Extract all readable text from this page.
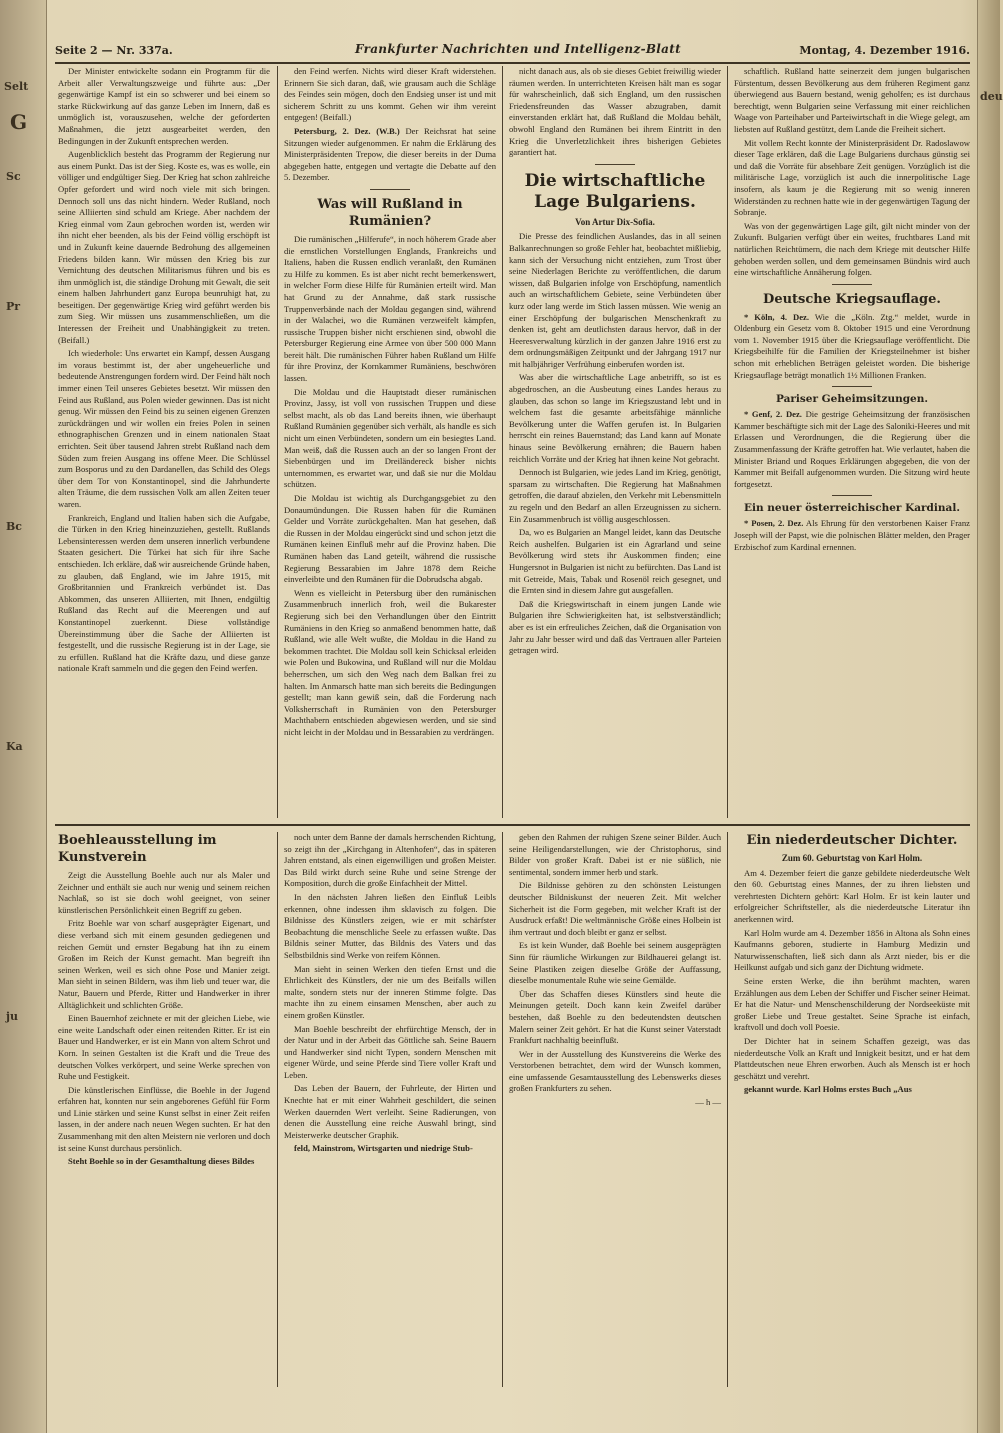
Selt
G
Sc
Pr
Bc
Ka
ju
deu
Seite 2 — Nr. 337a.	Frankfurter Nachrichten und Intelligenz-Blatt	Montag, 4. Dezember 1916.

Der Minister entwickelte sodann ein Programm für die Arbeit aller Verwaltungszweige und führte aus: „Der gegenwärtige Kampf ist ein so schwerer und bei einem so starke Rückwirkung auf das ganze Leben im Innern, daß es unmöglich ist, vorauszusehen, welche der geforderten Maßnahmen, die jetzt ausgearbeitet werden, den Bedingungen in der Zukunft entsprechen werden.

Augenblicklich besteht das Programm der Regierung nur aus einem Punkt. Das ist der Sieg. Koste es, was es wolle, ein völliger und endgültiger Sieg. Der Krieg hat schon zahlreiche Opfer gefordert und wird noch viele mit sich bringen. Dennoch soll uns das nicht hindern. Weder Rußland, noch seine Alliierten sind schuld am Kriege. Aber nachdem der Krieg einmal vom Zaun gebrochen worden ist, werden wir ihn nicht eher beenden, als bis der Feind völlig erschöpft ist und in Zukunft keine dauernde Bedrohung des allgemeinen Friedens bilden kann. Wir müssen den Krieg bis zur Vernichtung des deutschen Militarismus führen und bis es ihm unmöglich ist, die ständige Drohung mit Gewalt, die seit einem halben Jahrhundert ganz Europa beunruhigt hat, zu beseitigen. Der gegenwärtige Krieg wird geführt werden bis zum Sieg. Wir müssen uns zusammenschließen, um die Interessen der Freiheit und Unabhängigkeit zu treten. (Beifall.)

Ich wiederhole: Uns erwartet ein Kampf, dessen Ausgang im voraus bestimmt ist, der aber ungeheuerliche und bedeutende Anstrengungen fordern wird. Der Feind hält noch immer einen Teil unseres Gebietes besetzt. Wir müssen den Feind aus Rußland, aus Polen wieder gewinnen. Das ist nicht genug. Wir müssen den Feind bis zu seinen eigenen Grenzen zurückdrängen und wir wollen ein freies Polen in seinen ethnographischen Grenzen und in einem nationalen Staat errichten. Seit über tausend Jahren strebt Rußland nach dem Süden zum freien Ausgang ins offene Meer. Die Schlüssel zum Bosporus und zu den Dardanellen, das Schild des Olegs über dem Tor von Konstantinopel, sind die Jahrhunderte alten Träume, die dem russischen Volk am allen Zeiten teuer waren.

Frankreich, England und Italien haben sich die Aufgabe, die Türken in den Krieg hineinzuziehen, gestellt. Rußlands Lebensinteressen werden dem unseren innerlich verbundene Staaten gesichert. Die Türkei hat sich für ihre Sache entschieden. Ich erkläre, daß wir ausreichende Gründe haben, zu glauben, daß England, wie im Jahre 1915, mit Großbritannien und Frankreich verbündet ist. Das Abkommen, das unseren Alliierten, mit Ihnen, endgültig Rußland das Recht auf die Meerengen und auf Konstantinopel zuerkennt. Diese vollständige Übereinstimmung über die Sache der Alliierten ist festgestellt, und die russische Regierung ist in der Lage, sie zu erfüllen. Rußland hat die Kräfte dazu, und diese ganze nationale Kraft sammeln und die gegen den Feind werfen.

den Feind werfen. Nichts wird dieser Kraft widerstehen. Erinnern Sie sich daran, daß, wie grausam auch die Schläge des Feindes sein mögen, doch den Endsieg unser ist und mit sicherem Schritt zu uns kommt. Gehen wir ihm vereint entgegen! (Beifall.)

Petersburg, 2. Dez. (W.B.) Der Reichsrat hat seine Sitzungen wieder aufgenommen. Er nahm die Erklärung des Ministerpräsidenten Trepow, die dieser bereits in der Duma abgegeben hatte, entgegen und vertagte die Debatte auf den 5. Dezember.

Was will Rußland in Rumänien?

Die rumänischen „Hilferufe“, in noch höherem Grade aber die ernstlichen Vorstellungen Englands, Frankreichs und Italiens, haben die Russen endlich veranlaßt, den Rumänen zu Hilfe zu kommen. Es ist aber nicht recht bemerkenswert, in welcher Form diese Hilfe für Rumänien erteilt wird. Man hat Grund zu der Annahme, daß stark russische Truppenverbände nach der Moldau gegangen sind, während in der Walachei, wo die Rumänen verzweifelt kämpfen, russische Truppen bisher nicht erschienen sind, obwohl die Petersburger Regierung eine Armee von über 500 000 Mann bereit hält. Die rumänischen Führer haben Rußland um Hilfe für ihre Provinz, der Kornkammer Rumäniens, beschwören lassen.

Die Moldau und die Hauptstadt dieser rumänischen Provinz, Jassy, ist voll von russischen Truppen und diese selbst macht, als ob das Land bereits ihnen, wie überhaupt Rußland Rumänien gegenüber sich verhält, als handle es sich nicht um einen Verbündeten, sondern um ein besiegtes Land. Man weiß, daß die Russen auch an der so langen Front der Siebenbürgen und im Dreiländereck bisher nichts unternommen, es erwartet war, und daß sie nur die Moldau schützen.

Die Moldau ist wichtig als Durchgangsgebiet zu den Donaumündungen. Die Russen haben für die Rumänen Gelder und Vorräte zurückgehalten. Man hat gesehen, daß die Russen in der Moldau eingerückt sind und schon jetzt die Rumänen keinen Einfluß mehr auf die Provinz haben. Die Rumänen haben das Land geteilt, während die russische Regierung Bessarabien im Jahre 1878 dem Reiche einverleibte und den Rumänen für die Dobrudscha abgab.

Wenn es vielleicht in Petersburg über den rumänischen Zusammenbruch innerlich froh, weil die Bukarester Regierung sich bei den Verhandlungen über den Eintritt Rumäniens in den Krieg so anmaßend benommen hatte, daß Rußland, wie alle Welt wußte, die Moldau in die Hand zu bekommen trachtet. Die Moldau soll kein Schicksal erleiden wie Polen und Bukowina, und Rußland will nur die Moldau beherrschen, um sich den Weg nach dem Balkan frei zu halten. Im Anmarsch hatte man sich bereits die Bedingungen gestellt; man kann gewiß sein, daß die Forderung nach Volksherrschaft in Rumänien von den Petersburger Machthabern entschieden abgewiesen werden, und sie sind nicht leicht in der Moldau und in Bessarabien zu verdrängen.

nicht danach aus, als ob sie dieses Gebiet freiwillig wieder räumen werden. In unterrichteten Kreisen hält man es sogar für wahrscheinlich, daß sich England, um den russischen Friedensfreunden das Wasser abzugraben, damit einverstanden erklärt hat, daß Rußland die Moldau behält, obwohl England den Rumänen bei ihrem Eintritt in den Krieg die Unverletzlichkeit ihres bisherigen Gebietes garantiert hat.

Die wirtschaftliche Lage Bulgariens.
Von Artur Dix-Sofia.

Die Presse des feindlichen Auslandes, das in all seinen Balkanrechnungen so große Fehler hat, beobachtet mißliebig, kann sich der Versuchung nicht entziehen, zum Trost über seine Niederlagen Berichte zu veröffentlichen, die darum wissen, daß Bulgarien infolge von Erschöpfung, namentlich auch an wirtschaftlichem Gebiete, seine Verbündeten über kurz oder lang werde im Stich lassen müssen. Wie wenig an einer Erschöpfung der bulgarischen Menschenkraft zu denken ist, geht am deutlichsten daraus hervor, daß in der Heeresverwaltung kürzlich in der ganzen Jahre 1916 erst zu dem ordnungsmäßigen Zeitpunkt und der Jahrgang 1917 nur mit halbjähriger Verfrühung einberufen worden ist.

Was aber die wirtschaftliche Lage anbetrifft, so ist es abgedroschen, an die Ausbeutung eines Landes heraus zu glauben, das schon so lange im Kriegszustand lebt und in welchem fast die gesamte arbeitsfähige männliche Bevölkerung unter die Waffen gerufen ist. In Bulgarien herrscht ein reines Bauernstand; das Land kann auf Monate hinaus seine Bevölkerung ernähren; die Bauern haben reichlich Vorräte und der Krieg hat ihnen keine Not gebracht.

Dennoch ist Bulgarien, wie jedes Land im Krieg, genötigt, sparsam zu wirtschaften. Die Regierung hat Maßnahmen getroffen, die darauf abzielen, den Verkehr mit Lebensmitteln zu regeln und den Bedarf an allen Erzeugnissen zu sichern. Ein Zusammenbruch ist völlig ausgeschlossen.

Da, wo es Bulgarien an Mangel leidet, kann das Deutsche Reich aushelfen. Bulgarien ist ein Agrarland und seine Bevölkerung wird stets ihr Auskommen finden; eine Hungersnot in Bulgarien ist nicht zu befürchten. Das Land ist mit Getreide, Mais, Tabak und Rosenöl reich gesegnet, und die Ernten sind in diesem Jahre gut ausgefallen.

Daß die Kriegswirtschaft in einem jungen Lande wie Bulgarien ihre Schwierigkeiten hat, ist selbstverständlich; aber es ist ein erfreuliches Zeichen, daß die Organisation von Jahr zu Jahr besser wird und daß das Vertrauen aller Parteien getragen wird.

schaftlich. Rußland hatte seinerzeit dem jungen bulgarischen Fürstentum, dessen Bevölkerung aus dem früheren Regiment ganz überwiegend aus Bauern bestand, wenig geholfen; es ist durchaus berechtigt, wenn Bulgarien seine Verfassung mit einer reichlichen Waage von Parteihaber und Parteiwirtschaft in die Wiege gelegt, am liebsten auf Rußland gestützt, dem Lande die Freiheit sichert.

Mit vollem Recht konnte der Ministerpräsident Dr. Radoslawow dieser Tage erklären, daß die Lage Bulgariens durchaus günstig sei und daß die Vorräte für absehbare Zeit genügen. Vorzüglich ist die militärische Lage, vorzüglich ist auch die innerpolitische Lage insofern, als kaum je die Regierung mit so wenig inneren Widerständen zu rechnen hatte wie in der gegenwärtigen Tagung der Sobranje.

Was von der gegenwärtigen Lage gilt, gilt nicht minder von der Zukunft. Bulgarien verfügt über ein weites, fruchtbares Land mit natürlichen Reichtümern, die nach dem Kriege mit deutscher Hilfe gehoben werden sollen, und dem gemeinsamen Bündnis wird auch eine wirtschaftliche Annäherung folgen.

Deutsche Kriegsauflage.

* Köln, 4. Dez. Wie die „Köln. Ztg.“ meldet, wurde in Oldenburg ein Gesetz vom 8. Oktober 1915 und eine Verordnung vom 1. November 1915 über die Kriegsauflage veröffentlicht. Die Kriegsbeihilfe für die Familien der Kriegsteilnehmer ist bisher schon mit erheblichen Beträgen geleistet worden. Die bisherige Kriegsauflage beträgt monatlich 1½ Millionen Franken.

Pariser Geheimsitzungen.

* Genf, 2. Dez. Die gestrige Geheimsitzung der französischen Kammer beschäftigte sich mit der Lage des Saloniki-Heeres und mit Erlassen und Verordnungen, die die Regierung über die Zusammenfassung der Kräfte getroffen hat. Wie verlautet, haben die Minister Briand und Roques Erklärungen abgegeben, die von der Kammer mit Beifall aufgenommen wurden. Die Sitzung wird heute fortgesetzt.

Ein neuer österreichischer Kardinal.

* Posen, 2. Dez. Als Ehrung für den verstorbenen Kaiser Franz Joseph will der Papst, wie die polnischen Blätter melden, den Prager Erzbischof zum Kardinal ernennen.

Boehleausstellung im Kunstverein

Zeigt die Ausstellung Boehle auch nur als Maler und Zeichner und enthält sie auch nur wenig und seinem reichen Nachlaß, so ist sie doch wohl geeignet, von seiner künstlerischen Persönlichkeit einen Begriff zu geben.

Fritz Boehle war von scharf ausgeprägter Eigenart, und diese verband sich mit einem gesunden gediegenen und reichen Gemüt und ernster Begabung hat ihn zu einem Großen im Reich der Kunst gemacht. Man begreift ihn seinen Werken, weil es sich ohne Pose und Manier zeigt. Man sieht in seinen Bildern, was ihm lieb und teuer war, die Natur, Bauern und Pferde, Ritter und Handwerker in ihrer Alltäglichkeit und schlichten Größe.

Einen Bauernhof zeichnete er mit der gleichen Liebe, wie eine weite Landschaft oder einen reitenden Ritter. Er ist ein Bauer und Handwerker, er ist ein Mann von altem Schrot und Korn. In seinen Gestalten ist die Kraft und die Treue des deutschen Volkes verkörpert, und seine Werke sprechen von Ruhe und Festigkeit.

Die künstlerischen Einflüsse, die Boehle in der Jugend erfahren hat, konnten nur sein angeborenes Gefühl für Form und Linie stärken und seine Kunst selbst in einer Zeit reifen lassen, in der andere nach neuen Wegen suchten. Er hat den Zusammenhang mit den alten Meistern nie verloren und doch ist seine Kunst durchaus persönlich.

Steht Boehle so in der Gesamthaltung dieses Bildes

noch unter dem Banne der damals herrschenden Richtung, so zeigt ihn der „Kirchgang in Altenhofen“, das in späteren Jahren entstand, als einen eigenwilligen und großen Meister. Das Bild wirkt durch seine Ruhe und seine Strenge der Komposition, durch die große Einfachheit der Mittel.

In den nächsten Jahren ließen den Einfluß Leibls erkennen, ohne indessen ihm sklavisch zu folgen. Die Bildnisse des Künstlers zeigen, wie er mit schärfster Beobachtung die menschliche Seele zu erfassen wußte. Das Bildnis seiner Mutter, das Bildnis des Vaters und das Selbstbildnis sind Werke von reifem Können.

Man sieht in seinen Werken den tiefen Ernst und die Ehrlichkeit des Künstlers, der nie um des Beifalls willen malte, sondern stets nur der inneren Stimme folgte. Das machte ihn zu einem einsamen Menschen, aber auch zu einem großen Künstler.

Man Boehle beschreibt der ehrfürchtige Mensch, der in der Natur und in der Arbeit das Göttliche sah. Seine Bauern und Handwerker sind nicht Typen, sondern Menschen mit eigener Würde, und seine Pferde sind Tiere voller Kraft und Leben.

Das Leben der Bauern, der Fuhrleute, der Hirten und Knechte hat er mit einer Wahrheit geschildert, die seinen Werken dauernden Wert verleiht. Seine Radierungen, von denen die Ausstellung eine reiche Auswahl bringt, sind Meisterwerke deutscher Graphik.

feld, Mainstrom, Wirtsgarten und niedrige Stub-

geben den Rahmen der ruhigen Szene seiner Bilder. Auch seine Heiligendarstellungen, wie der Christophorus, sind Bilder von großer Kraft. Dabei ist er nie süßlich, nie sentimental, sondern immer herb und stark.

Die Bildnisse gehören zu den schönsten Leistungen deutscher Bildniskunst der neueren Zeit. Mit welcher Sicherheit ist die Form gegeben, mit welcher Kraft ist der Ausdruck erfaßt! Die weltmännische Größe eines Holbein ist ihm vertraut und doch bleibt er ganz er selbst.

Es ist kein Wunder, daß Boehle bei seinem ausgeprägten Sinn für räumliche Wirkungen zur Bildhauerei gelangt ist. Seine Plastiken zeigen dieselbe Größe der Auffassung, dieselbe monumentale Ruhe wie seine Gemälde.

Über das Schaffen dieses Künstlers sind heute die Meinungen geteilt. Doch kann kein Zweifel darüber bestehen, daß Boehle zu den bedeutendsten deutschen Malern seiner Zeit gehört. Er hat die Kunst seiner Vaterstadt Frankfurt nachhaltig beeinflußt.

Wer in der Ausstellung des Kunstvereins die Werke des Verstorbenen betrachtet, dem wird der Wunsch kommen, eine umfassende Gesamtausstellung des Lebenswerks dieses großen Frankfurters zu sehen.

— h —

Ein niederdeutscher Dichter.
Zum 60. Geburtstag von Karl Holm.

Am 4. Dezember feiert die ganze gebildete niederdeutsche Welt den 60. Geburtstag eines Mannes, der zu ihren liebsten und verehrtesten Dichtern gehört: Karl Holm. Er ist kein lauter und erfolgreicher Schriftsteller, als die niederdeutsche Literatur ihn anerkennen wird.

Karl Holm wurde am 4. Dezember 1856 in Altona als Sohn eines Kaufmanns geboren, studierte in Hamburg Medizin und Naturwissenschaften, ließ sich dann als Arzt nieder, bis er die Heilkunst aufgab und sich ganz der Dichtung widmete.

Seine ersten Werke, die ihn berühmt machten, waren Erzählungen aus dem Leben der Schiffer und Fischer seiner Heimat. Er hat die Natur- und Menschenschilderung der Nordseeküste mit großer Liebe und Treue gestaltet. Seine Sprache ist einfach, kraftvoll und doch voll Poesie.

Der Dichter hat in seinem Schaffen gezeigt, was das niederdeutsche Volk an Kraft und Innigkeit besitzt, und er hat dem Plattdeutschen neue Ehren erworben. Auch als Mensch ist er hoch geschätzt und verehrt.

gekannt wurde. Karl Holms erstes Buch „Aus
